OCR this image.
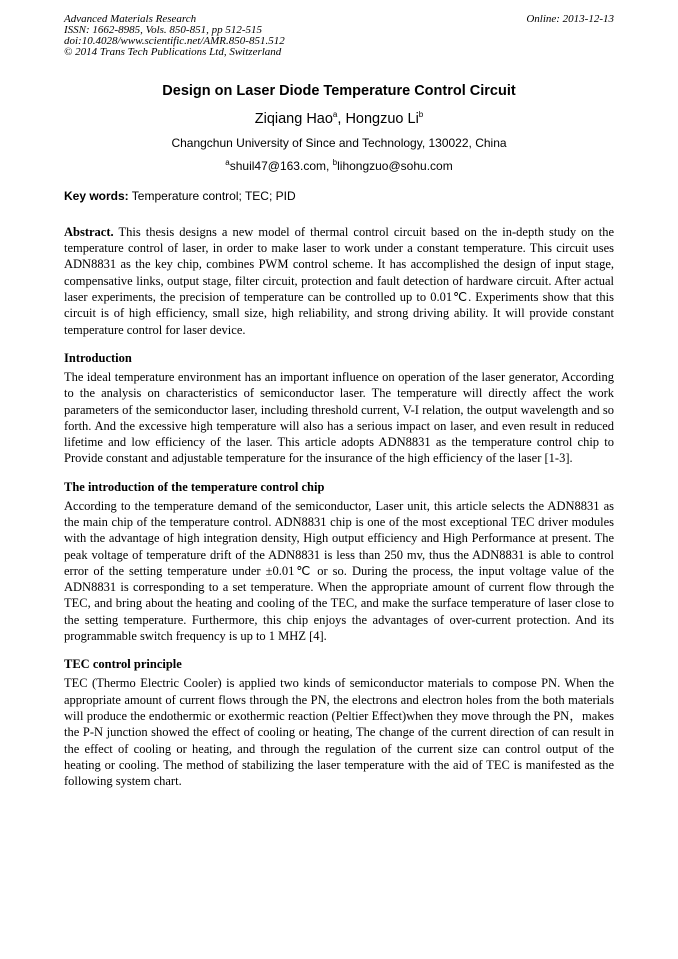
Advanced Materials Research
ISSN: 1662-8985, Vols. 850-851, pp 512-515
doi:10.4028/www.scientific.net/AMR.850-851.512
© 2014 Trans Tech Publications Ltd, Switzerland
Online: 2013-12-13
Design on Laser Diode Temperature Control Circuit
Ziqiang Hao$^a$, Hongzuo Li$^b$
Changchun University of Since and Technology, 130022, China
$^a$shuil47@163.com, $^b$lihongzuo@sohu.com
Key words: Temperature control; TEC; PID

Abstract. This thesis designs a new model of thermal control circuit based on the in-depth study on the temperature control of laser, in order to make laser to work under a constant temperature. This circuit uses ADN8831 as the key chip, combines PWM control scheme. It has accomplished the design of input stage, compensative links, output stage, filter circuit, protection and fault detection of hardware circuit. After actual laser experiments, the precision of temperature can be controlled up to 0.01℃. Experiments show that this circuit is of high efficiency, small size, high reliability, and strong driving ability. It will provide constant temperature control for laser device.

Introduction

The ideal temperature environment has an important influence on operation of the laser generator, According to the analysis on characteristics of semiconductor laser. The temperature will directly affect the work parameters of the semiconductor laser, including threshold current, V-I relation, the output wavelength and so forth. And the excessive high temperature will also has a serious impact on laser, and even result in reduced lifetime and low efficiency of the laser. This article adopts ADN8831 as the temperature control chip to Provide constant and adjustable temperature for the insurance of the high efficiency of the laser [1-3].

The introduction of the temperature control chip

According to the temperature demand of the semiconductor, Laser unit, this article selects the ADN8831 as the main chip of the temperature control. ADN8831 chip is one of the most exceptional TEC driver modules with the advantage of high integration density, High output efficiency and High Performance at present. The peak voltage of temperature drift of the ADN8831 is less than 250 mv, thus the ADN8831 is able to control error of the setting temperature under ±0.01℃ or so. During the process, the input voltage value of the ADN8831 is corresponding to a set temperature. When the appropriate amount of current flow through the TEC, and bring about the heating and cooling of the TEC, and make the surface temperature of laser close to the setting temperature. Furthermore, this chip enjoys the advantages of over-current protection. And its programmable switch frequency is up to 1 MHZ [4].

TEC control principle

TEC (Thermo Electric Cooler) is applied two kinds of semiconductor materials to compose PN. When the appropriate amount of current flows through the PN, the electrons and electron holes from the both materials will produce the endothermic or exothermic reaction (Peltier Effect)when they move through the PN，makes the P-N junction showed the effect of cooling or heating, The change of the current direction of can result in the effect of cooling or heating, and through the regulation of the current size can control output of the heating or cooling. The method of stabilizing the laser temperature with the aid of TEC is manifested as the following system chart.
